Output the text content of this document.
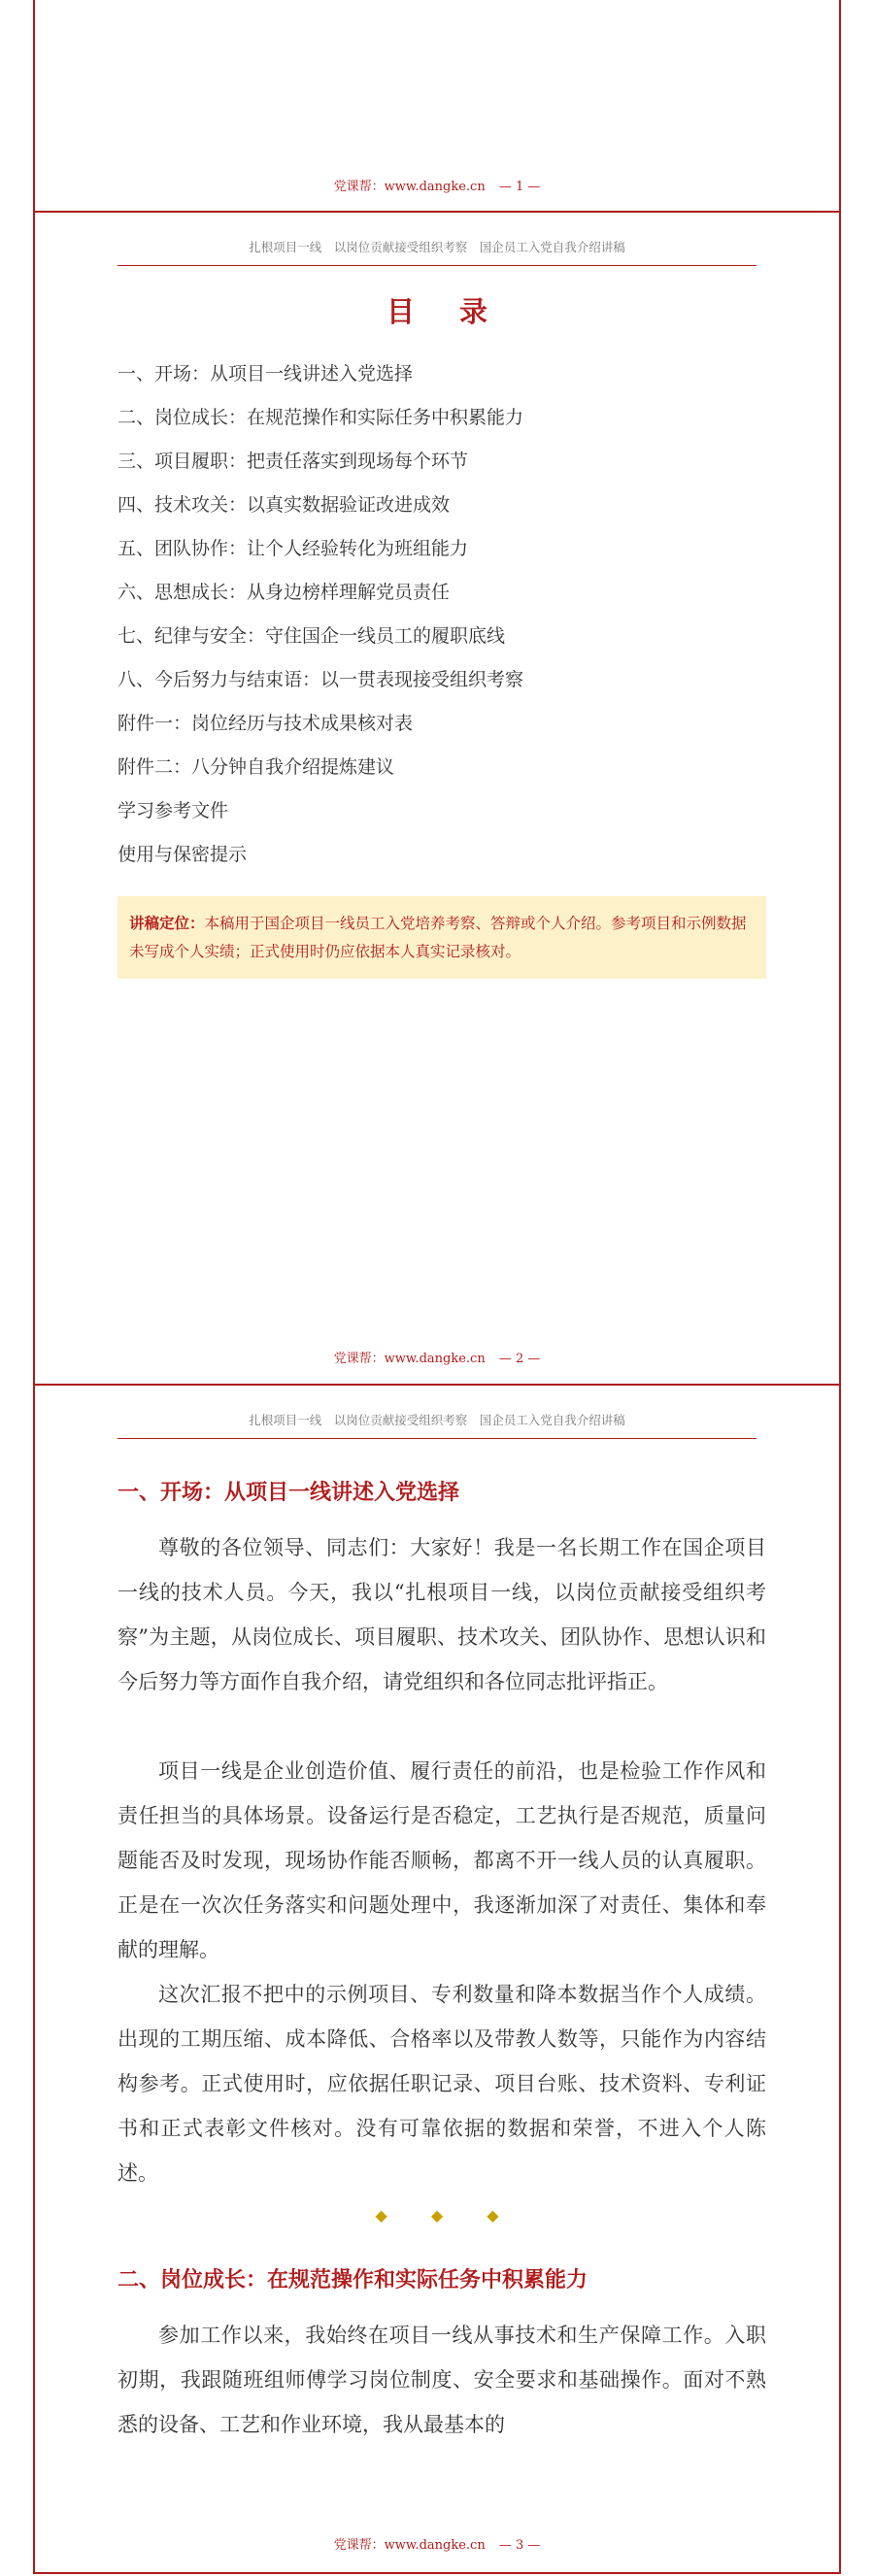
党课帮：www.dangke.cn — 1 —
扎根项目一线　以岗位贡献接受组织考察　国企员工入党自我介绍讲稿
目 录
一、开场：从项目一线讲述入党选择
二、岗位成长：在规范操作和实际任务中积累能力
三、项目履职：把责任落实到现场每个环节
四、技术攻关：以真实数据验证改进成效
五、团队协作：让个人经验转化为班组能力
六、思想成长：从身边榜样理解党员责任
七、纪律与安全：守住国企一线员工的履职底线
八、今后努力与结束语：以一贯表现接受组织考察
附件一：岗位经历与技术成果核对表
附件二：八分钟自我介绍提炼建议
学习参考文件
使用与保密提示
讲稿定位：本稿用于国企项目一线员工入党培养考察、答辩或个人介绍。参考项目和示例数据未写成个人实绩；正式使用时仍应依据本人真实记录核对。
党课帮：www.dangke.cn — 2 —
扎根项目一线　以岗位贡献接受组织考察　国企员工入党自我介绍讲稿
一、开场：从项目一线讲述入党选择

尊敬的各位领导、同志们：大家好！我是一名长期工作在国企项目一线的技术人员。今天，我以“扎根项目一线，以岗位贡献接受组织考察”为主题，从岗位成长、项目履职、技术攻关、团队协作、思想认识和今后努力等方面作自我介绍，请党组织和各位同志批评指正。

项目一线是企业创造价值、履行责任的前沿，也是检验工作作风和责任担当的具体场景。设备运行是否稳定，工艺执行是否规范，质量问题能否及时发现，现场协作能否顺畅，都离不开一线人员的认真履职。正是在一次次任务落实和问题处理中，我逐渐加深了对责任、集体和奉献的理解。

这次汇报不把中的示例项目、专利数量和降本数据当作个人成绩。出现的工期压缩、成本降低、合格率以及带教人数等，只能作为内容结构参考。正式使用时，应依据任职记录、项目台账、技术资料、专利证书和正式表彰文件核对。没有可靠依据的数据和荣誉，不进入个人陈述。

◆ ◆ ◆
二、岗位成长：在规范操作和实际任务中积累能力

参加工作以来，我始终在项目一线从事技术和生产保障工作。入职初期，我跟随班组师傅学习岗位制度、安全要求和基础操作。面对不熟悉的设备、工艺和作业环境，我从最基本的

党课帮：www.dangke.cn — 3 —
